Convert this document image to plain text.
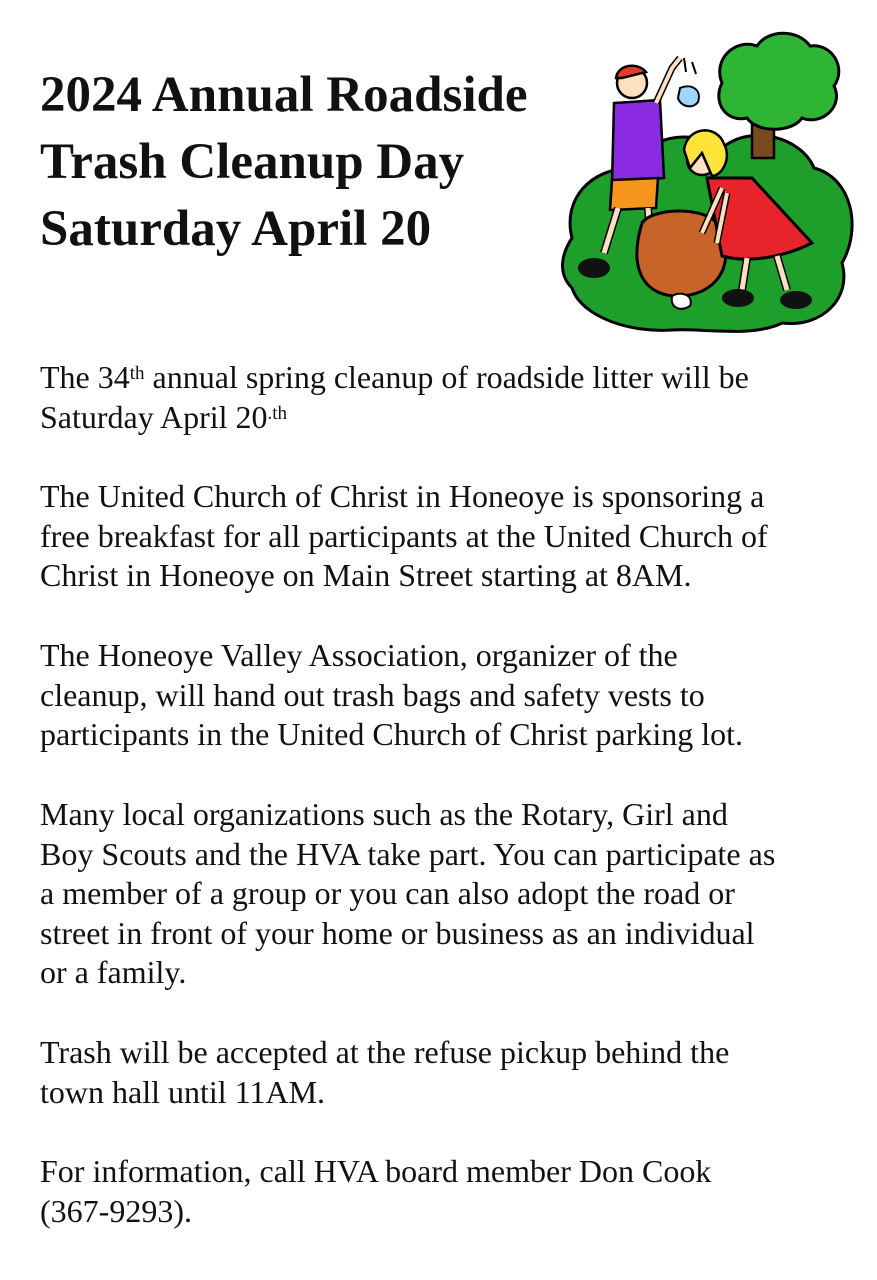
2024 Annual Roadside
Trash Cleanup Day
Saturday April 20

The 34th annual spring cleanup of roadside litter will be
Saturday April $20^{.th}$

The United Church of Christ in Honeoye is sponsoring a
free breakfast for all participants at the United Church of
Christ in Honeoye on Main Street starting at 8AM.

The Honeoye Valley Association, organizer of the
cleanup, will hand out trash bags and safety vests to
participants in the United Church of Christ parking lot.

Many local organizations such as the Rotary, Girl and
Boy Scouts and the HVA take part. You can participate as
a member of a group or you can also adopt the road or
street in front of your home or business as an individual
or a family.

Trash will be accepted at the refuse pickup behind the
town hall until 11AM.

For information, call HVA board member Don Cook
(367-9293).
